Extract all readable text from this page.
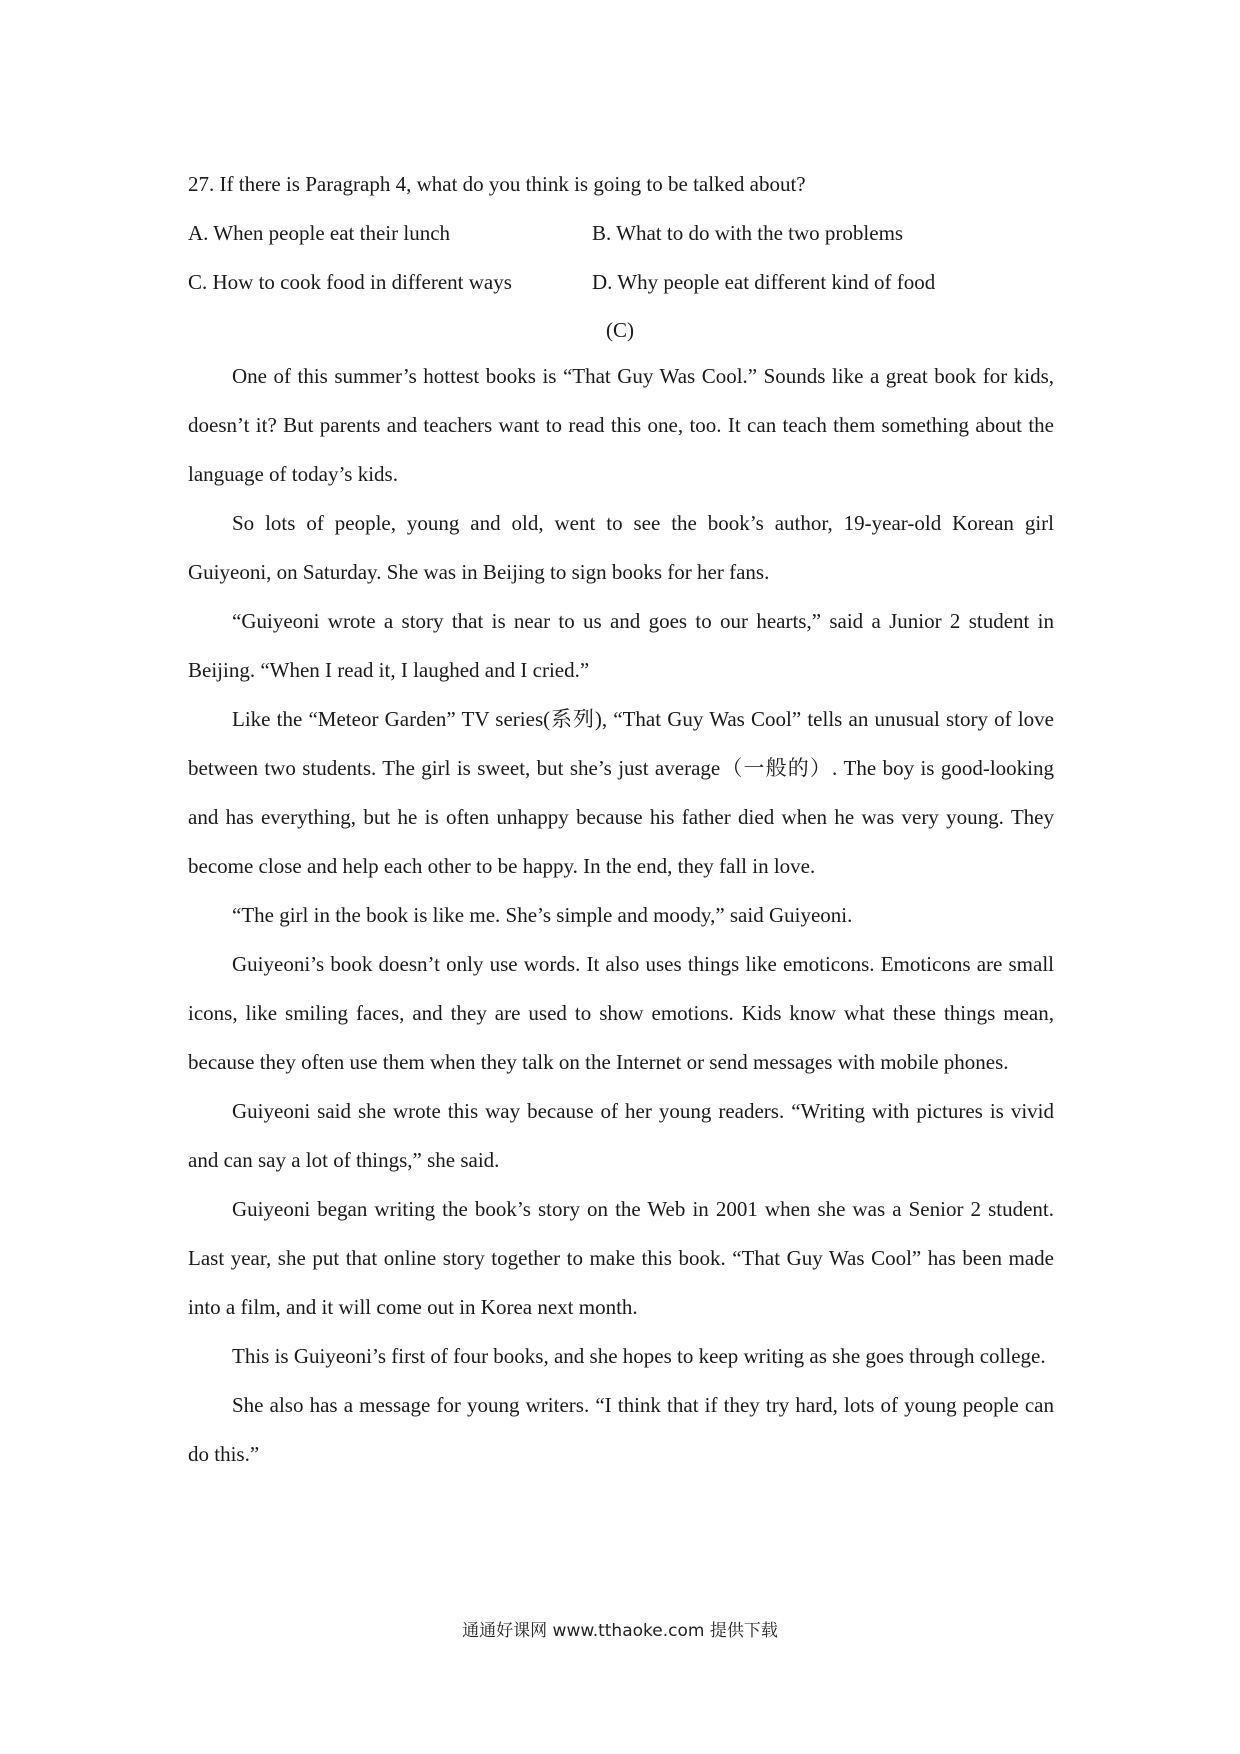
27. If there is Paragraph 4, what do you think is going to be talked about?
A. When people eat their lunch	B. What to do with the two problems
C. How to cook food in different ways	D. Why people eat different kind of food
(C)

One of this summer’s hottest books is “That Guy Was Cool.” Sounds like a great book for kids, doesn’t it? But parents and teachers want to read this one, too. It can teach them something about the language of today’s kids.

So lots of people, young and old, went to see the book’s author, 19-year-old Korean girl Guiyeoni, on Saturday. She was in Beijing to sign books for her fans.

“Guiyeoni wrote a story that is near to us and goes to our hearts,” said a Junior 2 student in Beijing. “When I read it, I laughed and I cried.”

Like the “Meteor Garden” TV series(系列), “That Guy Was Cool” tells an unusual story of love between two students. The girl is sweet, but she’s just average（一般的）. The boy is good-looking and has everything, but he is often unhappy because his father died when he was very young. They become close and help each other to be happy. In the end, they fall in love.

“The girl in the book is like me. She’s simple and moody,” said Guiyeoni.

Guiyeoni’s book doesn’t only use words. It also uses things like emoticons. Emoticons are small icons, like smiling faces, and they are used to show emotions. Kids know what these things mean, because they often use them when they talk on the Internet or send messages with mobile phones.

Guiyeoni said she wrote this way because of her young readers. “Writing with pictures is vivid and can say a lot of things,” she said.

Guiyeoni began writing the book’s story on the Web in 2001 when she was a Senior 2 student. Last year, she put that online story together to make this book. “That Guy Was Cool” has been made into a film, and it will come out in Korea next month.

This is Guiyeoni’s first of four books, and she hopes to keep writing as she goes through college.

She also has a message for young writers. “I think that if they try hard, lots of young people can do this.”

通通好课网 www.tthaoke.com 提供下载
